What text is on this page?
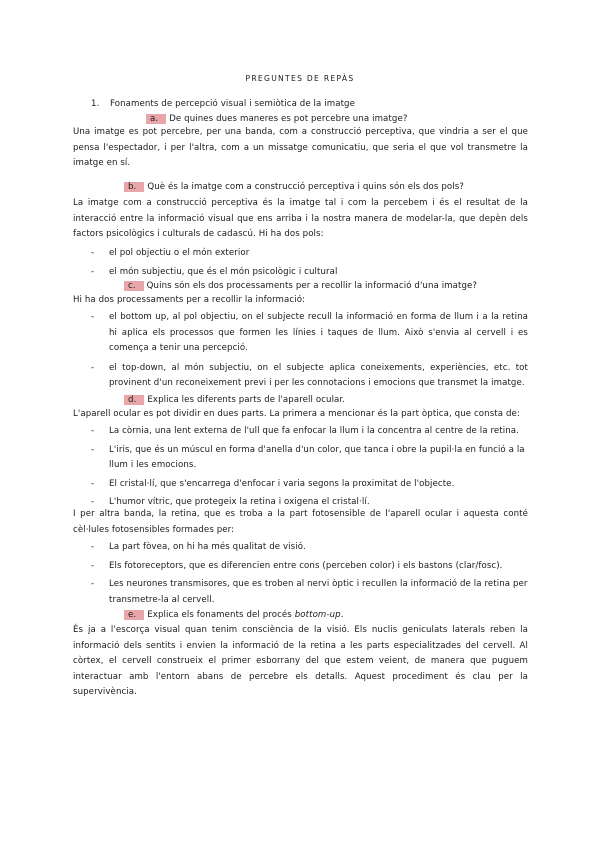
PREGUNTES DE REPÀS
1. Fonaments de percepció visual i semiòtica de la imatge
a. De quines dues maneres es pot percebre una imatge?
Una imatge es pot percebre, per una banda, com a construcció perceptiva, que vindria a ser el que pensa l'espectador, i per l'altra, com a un missatge comunicatiu, que seria el que vol transmetre la imatge en sí.
b. Què és la imatge com a construcció perceptiva i quins són els dos pols?
La imatge com a construcció perceptiva és la imatge tal i com la percebem i és el resultat de la interacció entre la informació visual que ens arriba i la nostra manera de modelar-la, que depèn dels factors psicològics i culturals de cadascú. Hi ha dos pols:
- el pol objectiu o el món exterior
- el món subjectiu, que és el món psicològic i cultural
c. Quins són els dos processaments per a recollir la informació d'una imatge?
Hi ha dos processaments per a recollir la informació:
- el bottom up, al pol objectiu, on el subjecte recull la informació en forma de llum i a la retina hi aplica els processos que formen les línies i taques de llum. Això s'envia al cervell i es comença a tenir una percepció.
- el top-down, al món subjectiu, on el subjecte aplica coneixements, experiències, etc. tot provinent d'un reconeixement previ i per les connotacions i emocions que transmet la imatge.
d. Explica les diferents parts de l'aparell ocular.
L'aparell ocular es pot dividir en dues parts. La primera a mencionar és la part òptica, que consta de:
- La còrnia, una lent externa de l'ull que fa enfocar la llum i la concentra al centre de la retina.
- L'iris, que és un múscul en forma d'anella d'un color, que tanca i obre la pupil·la en funció a la llum i les emocions.
- El cristal·lí, que s'encarrega d'enfocar i varia segons la proximitat de l'objecte.
- L'humor vítric, que protegeix la retina i oxigena el cristal·lí.
I per altra banda, la retina, que es troba a la part fotosensible de l'aparell ocular i aquesta conté cèl·lules fotosensibles formades per:
- La part fòvea, on hi ha més qualitat de visió.
- Els fotoreceptors, que es diferencien entre cons (perceben color) i els bastons (clar/fosc).
- Les neurones transmisores, que es troben al nervi òptic i recullen la informació de la retina per transmetre-la al cervell.
e. Explica els fonaments del procés bottom-up.
És ja a l'escorça visual quan tenim consciència de la visió. Els nuclis geniculats laterals reben la informació dels sentits i envien la informació de la retina a les parts especialitzades del cervell. Al còrtex, el cervell construeix el primer esborrany del que estem veient, de manera que puguem interactuar amb l'entorn abans de percebre els detalls. Aquest procediment és clau per la supervivència.
